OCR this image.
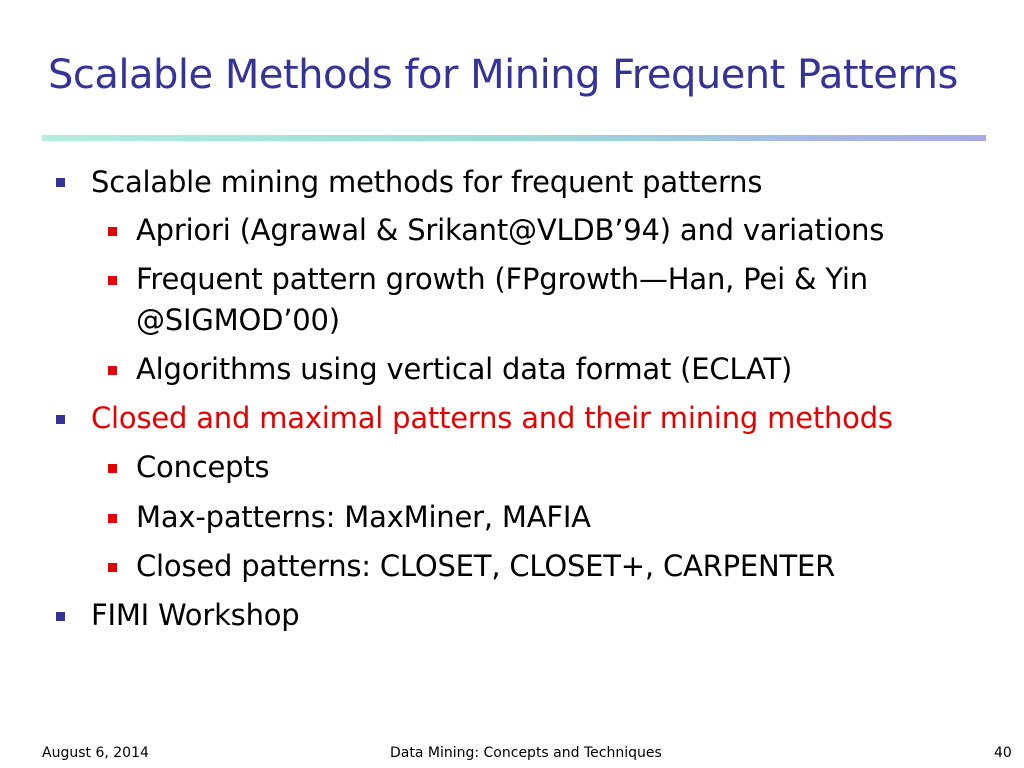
Scalable Methods for Mining Frequent Patterns
Scalable mining methods for frequent patterns
Apriori (Agrawal & Srikant@VLDB’94) and variations
Frequent pattern growth (FPgrowth—Han, Pei & Yin
@SIGMOD’00)
Algorithms using vertical data format (ECLAT)
Closed and maximal patterns and their mining methods
Concepts
Max-patterns: MaxMiner, MAFIA
Closed patterns: CLOSET, CLOSET+, CARPENTER
FIMI Workshop
August 6, 2014	Data Mining: Concepts and Techniques	40
